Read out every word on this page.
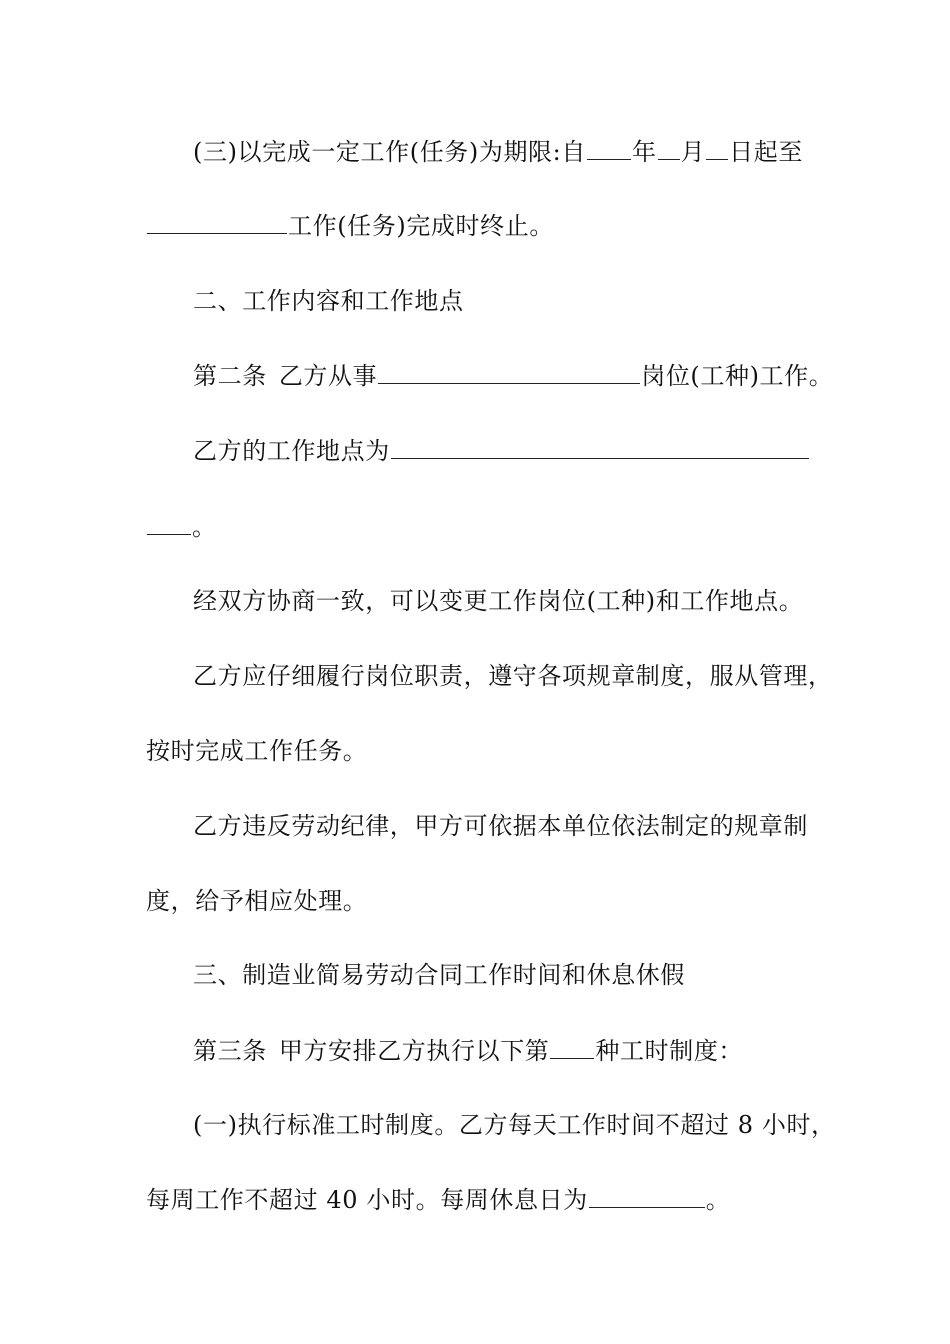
(三)以完成一定工作(任务)为期限:自 年 月 日起至
工作(任务)完成时终止。
二、工作内容和工作地点
第二条 乙方从事	岗位(工种)工作。
乙方的工作地点为
。
经双方协商一致，可以变更工作岗位(工种)和工作地点。
乙方应仔细履行岗位职责，遵守各项规章制度，服从管理，
按时完成工作任务。
乙方违反劳动纪律，甲方可依据本单位依法制定的规章制
度，给予相应处理。
三、制造业简易劳动合同工作时间和休息休假
第三条 甲方安排乙方执行以下第 种工时制度：
(一)执行标准工时制度。乙方每天工作时间不超过 8 小时，
每周工作不超过 40 小时。每周休息日为	。
